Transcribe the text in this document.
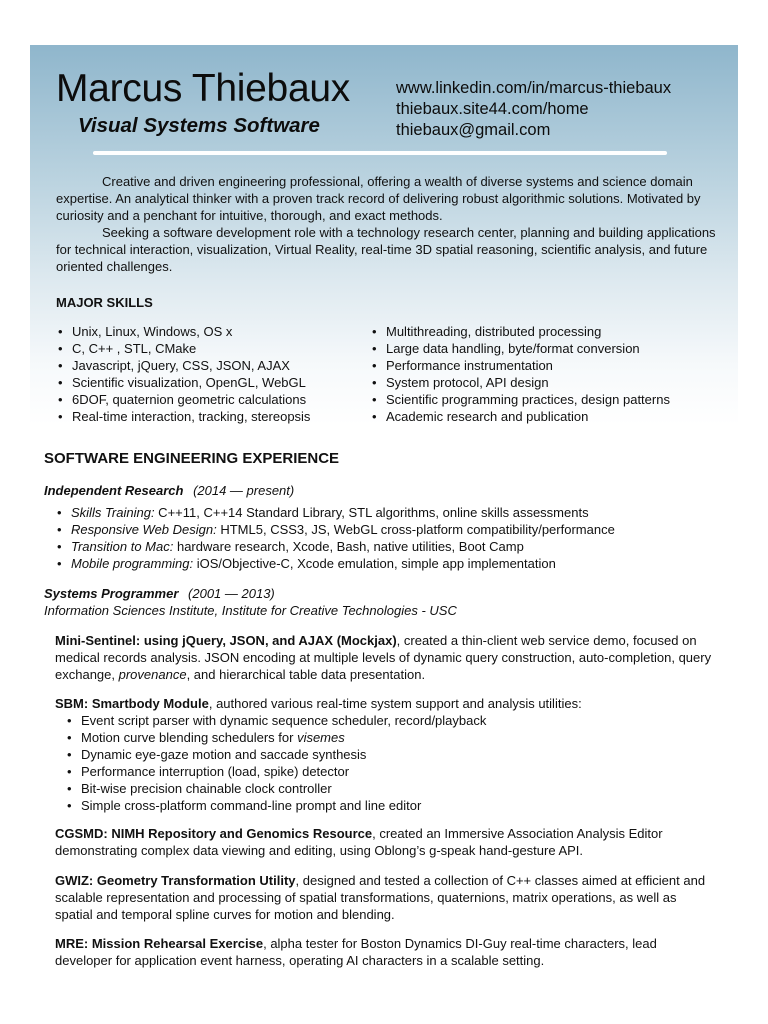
Marcus Thiebaux
Visual Systems Software
www.linkedin.com/in/marcus-thiebaux
thiebaux.site44.com/home
thiebaux@gmail.com

Creative and driven engineering professional, offering a wealth of diverse systems and science domain expertise. An analytical thinker with a proven track record of delivering robust algorithmic solutions. Motivated by curiosity and a penchant for intuitive, thorough, and exact methods.

Seeking a software development role with a technology research center, planning and building applications for technical interaction, visualization, Virtual Reality, real-time 3D spatial reasoning, scientific analysis, and future oriented challenges.

MAJOR SKILLS
• Unix, Linux, Windows, OS x
• C, C++ , STL, CMake
• Javascript, jQuery, CSS, JSON, AJAX
• Scientific visualization, OpenGL, WebGL
• 6DOF, quaternion geometric calculations
• Real-time interaction, tracking, stereopsis
• Multithreading, distributed processing
• Large data handling, byte/format conversion
• Performance instrumentation
• System protocol, API design
• Scientific programming practices, design patterns
• Academic research and publication
SOFTWARE ENGINEERING EXPERIENCE
Independent Research (2014 — present)
• Skills Training: C++11, C++14 Standard Library, STL algorithms, online skills assessments
• Responsive Web Design: HTML5, CSS3, JS, WebGL cross-platform compatibility/performance
• Transition to Mac: hardware research, Xcode, Bash, native utilities, Boot Camp
• Mobile programming: iOS/Objective-C, Xcode emulation, simple app implementation
Systems Programmer (2001 — 2013)
Information Sciences Institute, Institute for Creative Technologies - USC
Mini-Sentinel: using jQuery, JSON, and AJAX (Mockjax), created a thin-client web service demo, focused on medical records analysis. JSON encoding at multiple levels of dynamic query construction, auto-completion, query exchange, provenance, and hierarchical table data presentation.
SBM: Smartbody Module, authored various real-time system support and analysis utilities:
• Event script parser with dynamic sequence scheduler, record/playback
• Motion curve blending schedulers for visemes
• Dynamic eye-gaze motion and saccade synthesis
• Performance interruption (load, spike) detector
• Bit-wise precision chainable clock controller
• Simple cross-platform command-line prompt and line editor
CGSMD: NIMH Repository and Genomics Resource, created an Immersive Association Analysis Editor demonstrating complex data viewing and editing, using Oblong’s g-speak hand-gesture API.
GWIZ: Geometry Transformation Utility, designed and tested a collection of C++ classes aimed at efficient and scalable representation and processing of spatial transformations, quaternions, matrix operations, as well as spatial and temporal spline curves for motion and blending.
MRE: Mission Rehearsal Exercise, alpha tester for Boston Dynamics DI-Guy real-time characters, lead developer for application event harness, operating AI characters in a scalable setting.
